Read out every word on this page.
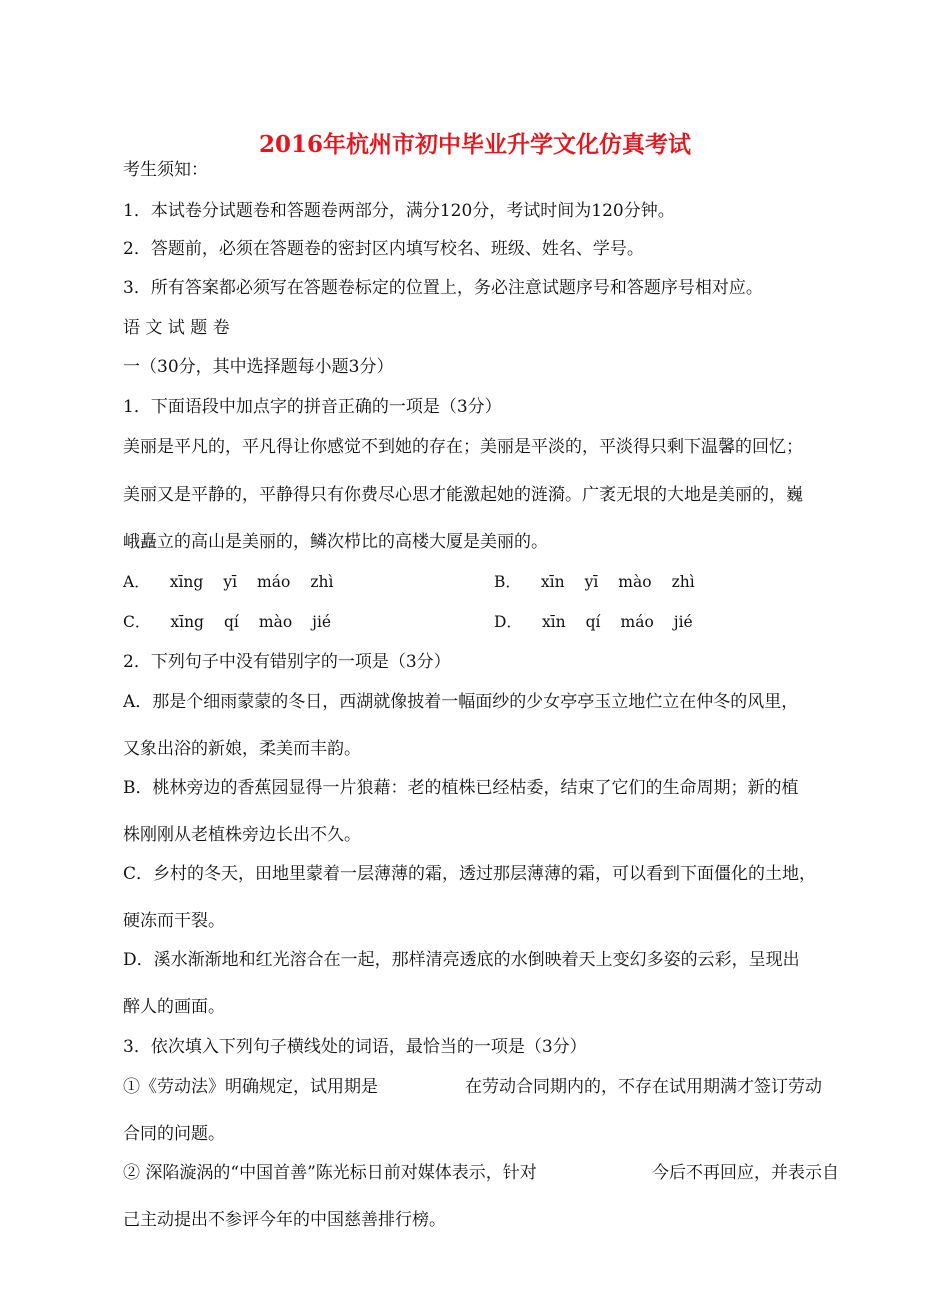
2016年杭州市初中毕业升学文化仿真考试
考生须知：
1．本试卷分试题卷和答题卷两部分，满分120分，考试时间为120分钟。
2．答题前，必须在答题卷的密封区内填写校名、班级、姓名、学号。
3．所有答案都必须写在答题卷标定的位置上，务必注意试题序号和答题序号相对应。
语 文 试 题 卷
一（30分，其中选择题每小题3分）
1．下面语段中加点字的拼音正确的一项是（3分）
美丽是平凡的，平凡得让你感觉不到她的存在；美丽是平淡的，平淡得只剩下温馨的回忆；
美丽又是平静的，平静得只有你费尽心思才能激起她的涟漪。广袤无垠的大地是美丽的，巍
峨矗立的高山是美丽的，鳞次栉比的高楼大厦是美丽的。
A． xīng yī máo zhì	B． xīn yī mào zhì
C． xīng qí mào jié	D． xīn qí máo jié
2．下列句子中没有错别字的一项是（3分）
A．那是个细雨蒙蒙的冬日，西湖就像披着一幅面纱的少女亭亭玉立地伫立在仲冬的风里，
又象出浴的新娘，柔美而丰韵。
B．桃林旁边的香蕉园显得一片狼藉：老的植株已经枯委，结束了它们的生命周期；新的植
株刚刚从老植株旁边长出不久。
C．乡村的冬天，田地里蒙着一层薄薄的霜，透过那层薄薄的霜，可以看到下面僵化的土地，
硬冻而干裂。
D．溪水渐渐地和红光溶合在一起，那样清亮透底的水倒映着天上变幻多姿的云彩，呈现出
醉人的画面。
3．依次填入下列句子横线处的词语，最恰当的一项是（3分）
①《劳动法》明确规定，试用期是	在劳动合同期内的，不存在试用期满才签订劳动
合同的问题。
② 深陷漩涡的“中国首善”陈光标日前对媒体表示，针对	今后不再回应，并表示自
己主动提出不参评今年的中国慈善排行榜。
